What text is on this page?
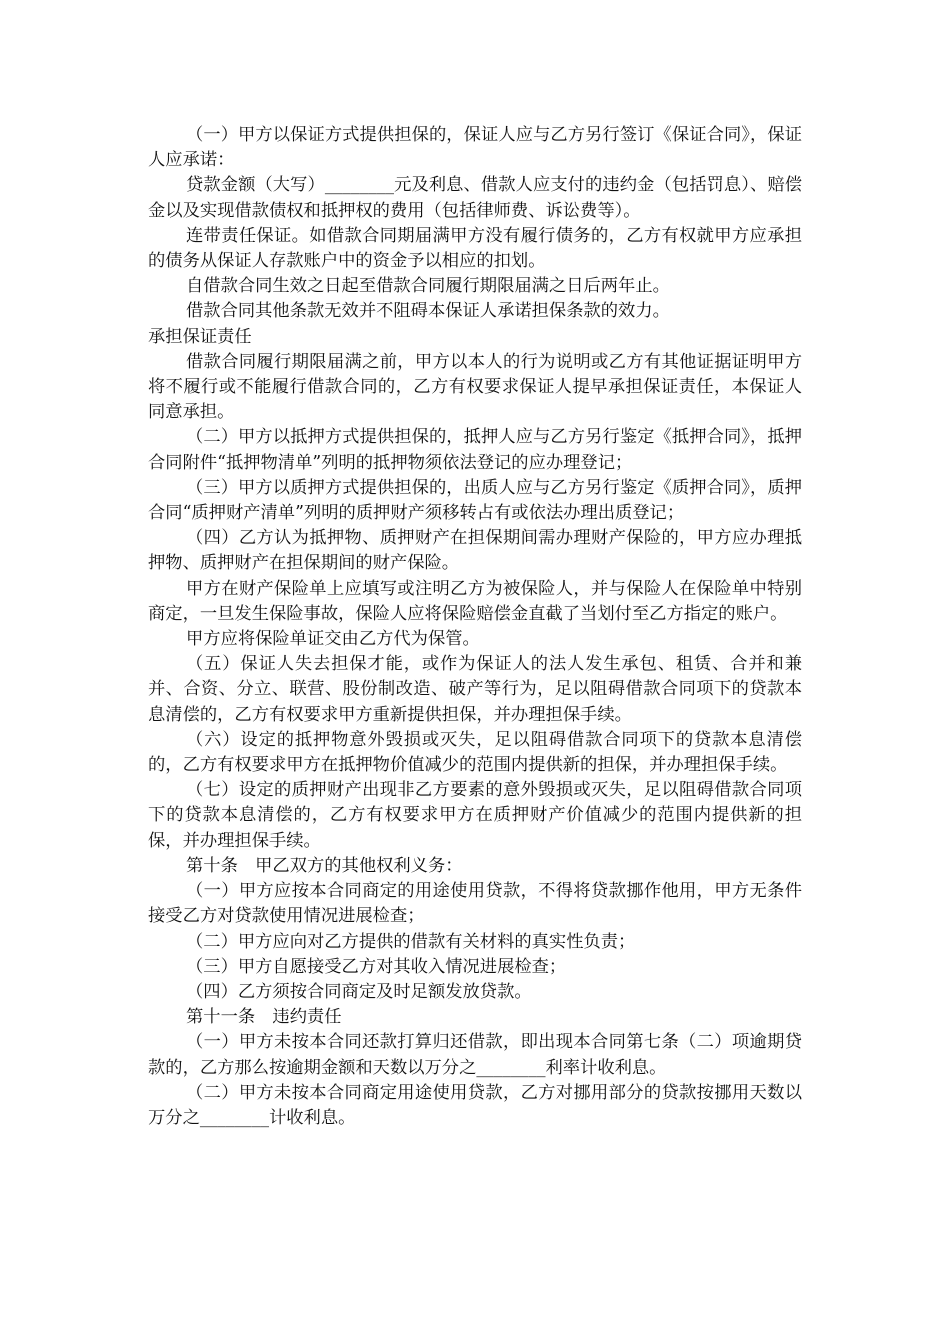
（一）甲方以保证方式提供担保的，保证人应与乙方另行签订《保证合同》，保证人应承诺：

贷款金额（大写）________元及利息、借款人应支付的违约金（包括罚息）、赔偿金以及实现借款债权和抵押权的费用（包括律师费、诉讼费等）。

连带责任保证。如借款合同期届满甲方没有履行债务的，乙方有权就甲方应承担的债务从保证人存款账户中的资金予以相应的扣划。

自借款合同生效之日起至借款合同履行期限届满之日后两年止。

借款合同其他条款无效并不阻碍本保证人承诺担保条款的效力。

承担保证责任

借款合同履行期限届满之前，甲方以本人的行为说明或乙方有其他证据证明甲方将不履行或不能履行借款合同的，乙方有权要求保证人提早承担保证责任，本保证人同意承担。

（二）甲方以抵押方式提供担保的，抵押人应与乙方另行鉴定《抵押合同》，抵押合同附件“抵押物清单”列明的抵押物须依法登记的应办理登记；

（三）甲方以质押方式提供担保的，出质人应与乙方另行鉴定《质押合同》，质押合同“质押财产清单”列明的质押财产须移转占有或依法办理出质登记；

（四）乙方认为抵押物、质押财产在担保期间需办理财产保险的，甲方应办理抵押物、质押财产在担保期间的财产保险。

甲方在财产保险单上应填写或注明乙方为被保险人，并与保险人在保险单中特别商定，一旦发生保险事故，保险人应将保险赔偿金直截了当划付至乙方指定的账户。

甲方应将保险单证交由乙方代为保管。

（五）保证人失去担保才能，或作为保证人的法人发生承包、租赁、合并和兼并、合资、分立、联营、股份制改造、破产等行为，足以阻碍借款合同项下的贷款本息清偿的，乙方有权要求甲方重新提供担保，并办理担保手续。

（六）设定的抵押物意外毁损或灭失，足以阻碍借款合同项下的贷款本息清偿的，乙方有权要求甲方在抵押物价值减少的范围内提供新的担保，并办理担保手续。

（七）设定的质押财产出现非乙方要素的意外毁损或灭失，足以阻碍借款合同项下的贷款本息清偿的，乙方有权要求甲方在质押财产价值减少的范围内提供新的担保，并办理担保手续。

第十条　甲乙双方的其他权利义务：

（一）甲方应按本合同商定的用途使用贷款，不得将贷款挪作他用，甲方无条件接受乙方对贷款使用情况进展检查；

（二）甲方应向对乙方提供的借款有关材料的真实性负责；

（三）甲方自愿接受乙方对其收入情况进展检查；

（四）乙方须按合同商定及时足额发放贷款。

第十一条　违约责任

（一）甲方未按本合同还款打算归还借款，即出现本合同第七条（二）项逾期贷款的，乙方那么按逾期金额和天数以万分之________利率计收利息。

（二）甲方未按本合同商定用途使用贷款，乙方对挪用部分的贷款按挪用天数以万分之________计收利息。
